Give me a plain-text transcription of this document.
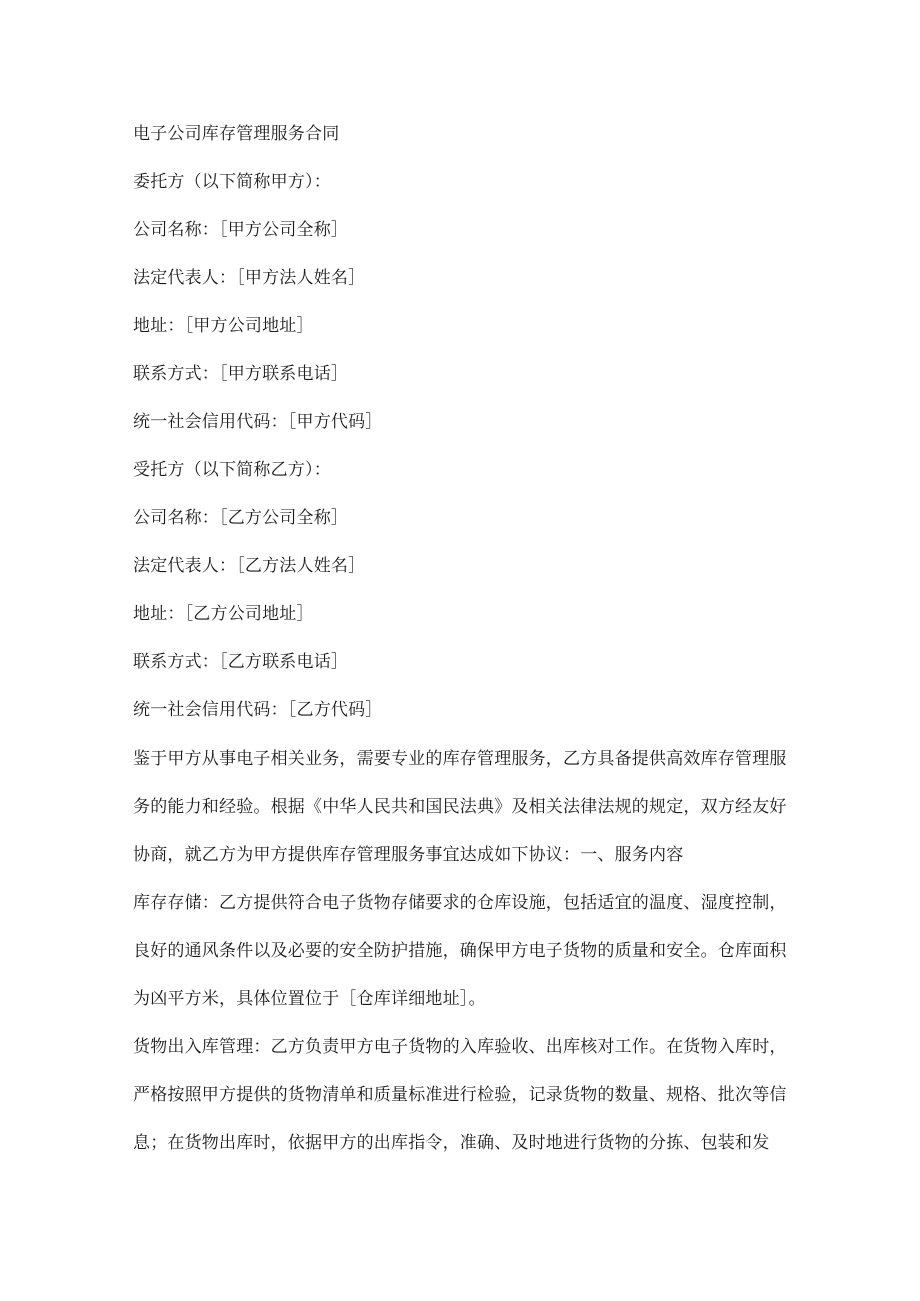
电子公司库存管理服务合同
委托方（以下简称甲方）：
公司名称：［甲方公司全称］
法定代表人：［甲方法人姓名］
地址：［甲方公司地址］
联系方式：［甲方联系电话］
统一社会信用代码：［甲方代码］
受托方（以下简称乙方）：
公司名称：［乙方公司全称］
法定代表人：［乙方法人姓名］
地址：［乙方公司地址］
联系方式：［乙方联系电话］
统一社会信用代码：［乙方代码］
鉴于甲方从事电子相关业务，需要专业的库存管理服务，乙方具备提供高效库存管理服
务的能力和经验。根据《中华人民共和国民法典》及相关法律法规的规定，双方经友好
协商，就乙方为甲方提供库存管理服务事宜达成如下协议：一、服务内容
库存存储：乙方提供符合电子货物存储要求的仓库设施，包括适宜的温度、湿度控制，
良好的通风条件以及必要的安全防护措施，确保甲方电子货物的质量和安全。仓库面积
为凶平方米，具体位置位于［仓库详细地址］。
货物出入库管理：乙方负责甲方电子货物的入库验收、出库核对工作。在货物入库时，
严格按照甲方提供的货物清单和质量标准进行检验，记录货物的数量、规格、批次等信
息；在货物出库时，依据甲方的出库指令，准确、及时地进行货物的分拣、包装和发
